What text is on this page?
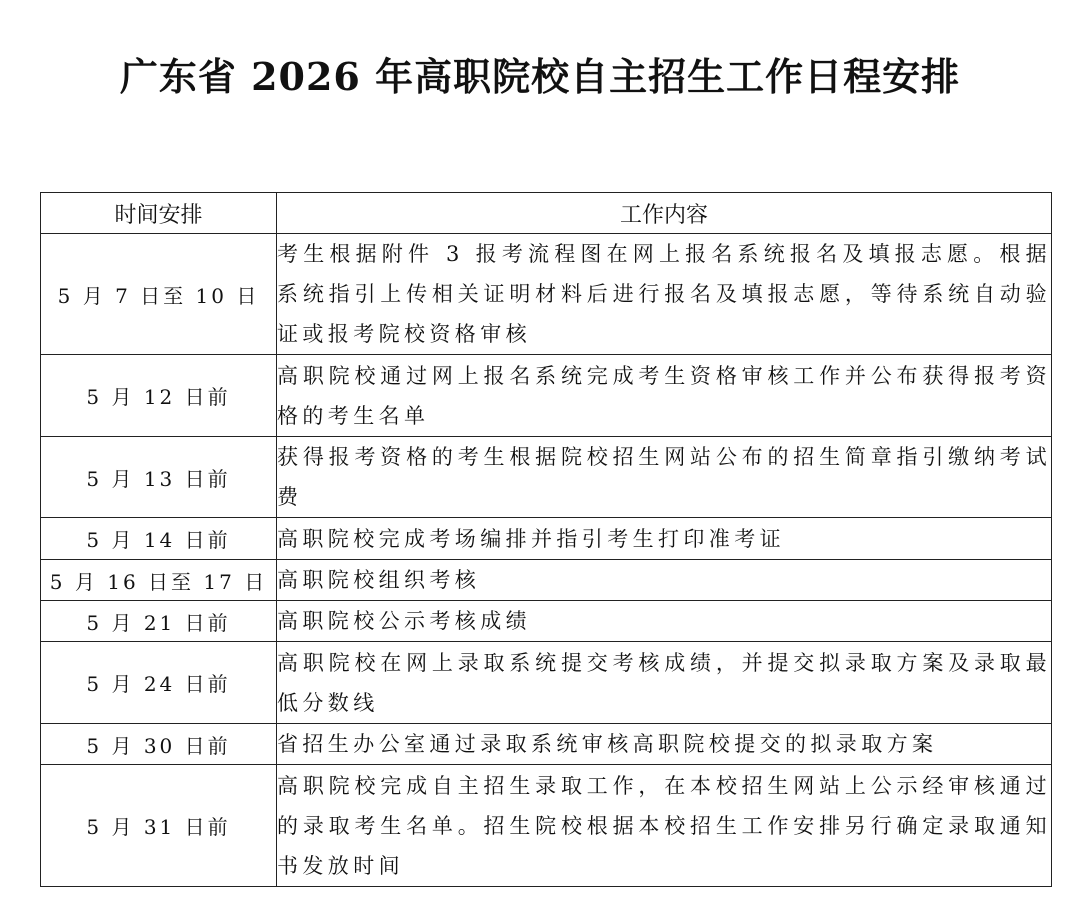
广东省 2026 年高职院校自主招生工作日程安排
时间安排	工作内容
5 月 7 日至 10 日	考生根据附件 3 报考流程图在网上报名系统报名及填报志愿。根据系统指引上传相关证明材料后进行报名及填报志愿，等待系统自动验证或报考院校资格审核
5 月 12 日前	高职院校通过网上报名系统完成考生资格审核工作并公布获得报考资格的考生名单
5 月 13 日前	获得报考资格的考生根据院校招生网站公布的招生简章指引缴纳考试费
5 月 14 日前	高职院校完成考场编排并指引考生打印准考证
5 月 16 日至 17 日	高职院校组织考核
5 月 21 日前	高职院校公示考核成绩
5 月 24 日前	高职院校在网上录取系统提交考核成绩，并提交拟录取方案及录取最低分数线
5 月 30 日前	省招生办公室通过录取系统审核高职院校提交的拟录取方案
5 月 31 日前	高职院校完成自主招生录取工作，在本校招生网站上公示经审核通过的录取考生名单。招生院校根据本校招生工作安排另行确定录取通知书发放时间
